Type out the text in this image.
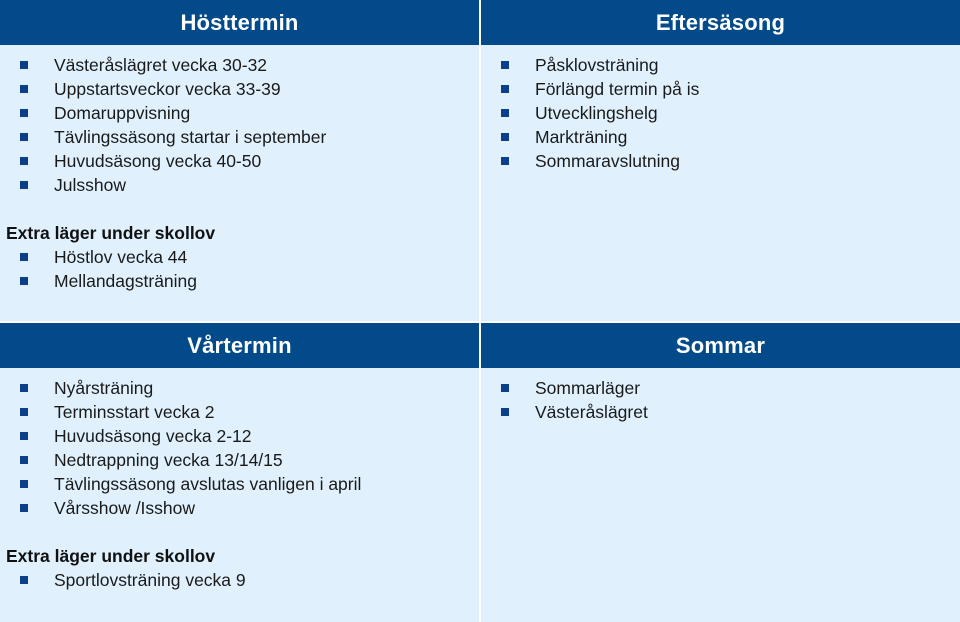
Hösttermin
Västeråslägret vecka 30-32
Uppstartsveckor vecka 33-39
Domaruppvisning
Tävlingssäsong startar i september
Huvudsäsong vecka 40-50
Julsshow
Extra läger under skollov
Höstlov vecka 44
Mellandagsträning
Eftersäsong
Påsklovsträning
Förlängd termin på is
Utvecklingshelg
Markträning
Sommaravslutning
Vårtermin
Nyårsträning
Terminsstart vecka 2
Huvudsäsong vecka 2-12
Nedtrappning vecka 13/14/15
Tävlingssäsong avslutas vanligen i april
Vårsshow /Isshow
Extra läger under skollov
Sportlovsträning vecka 9
Sommar
Sommarläger
Västeråslägret
